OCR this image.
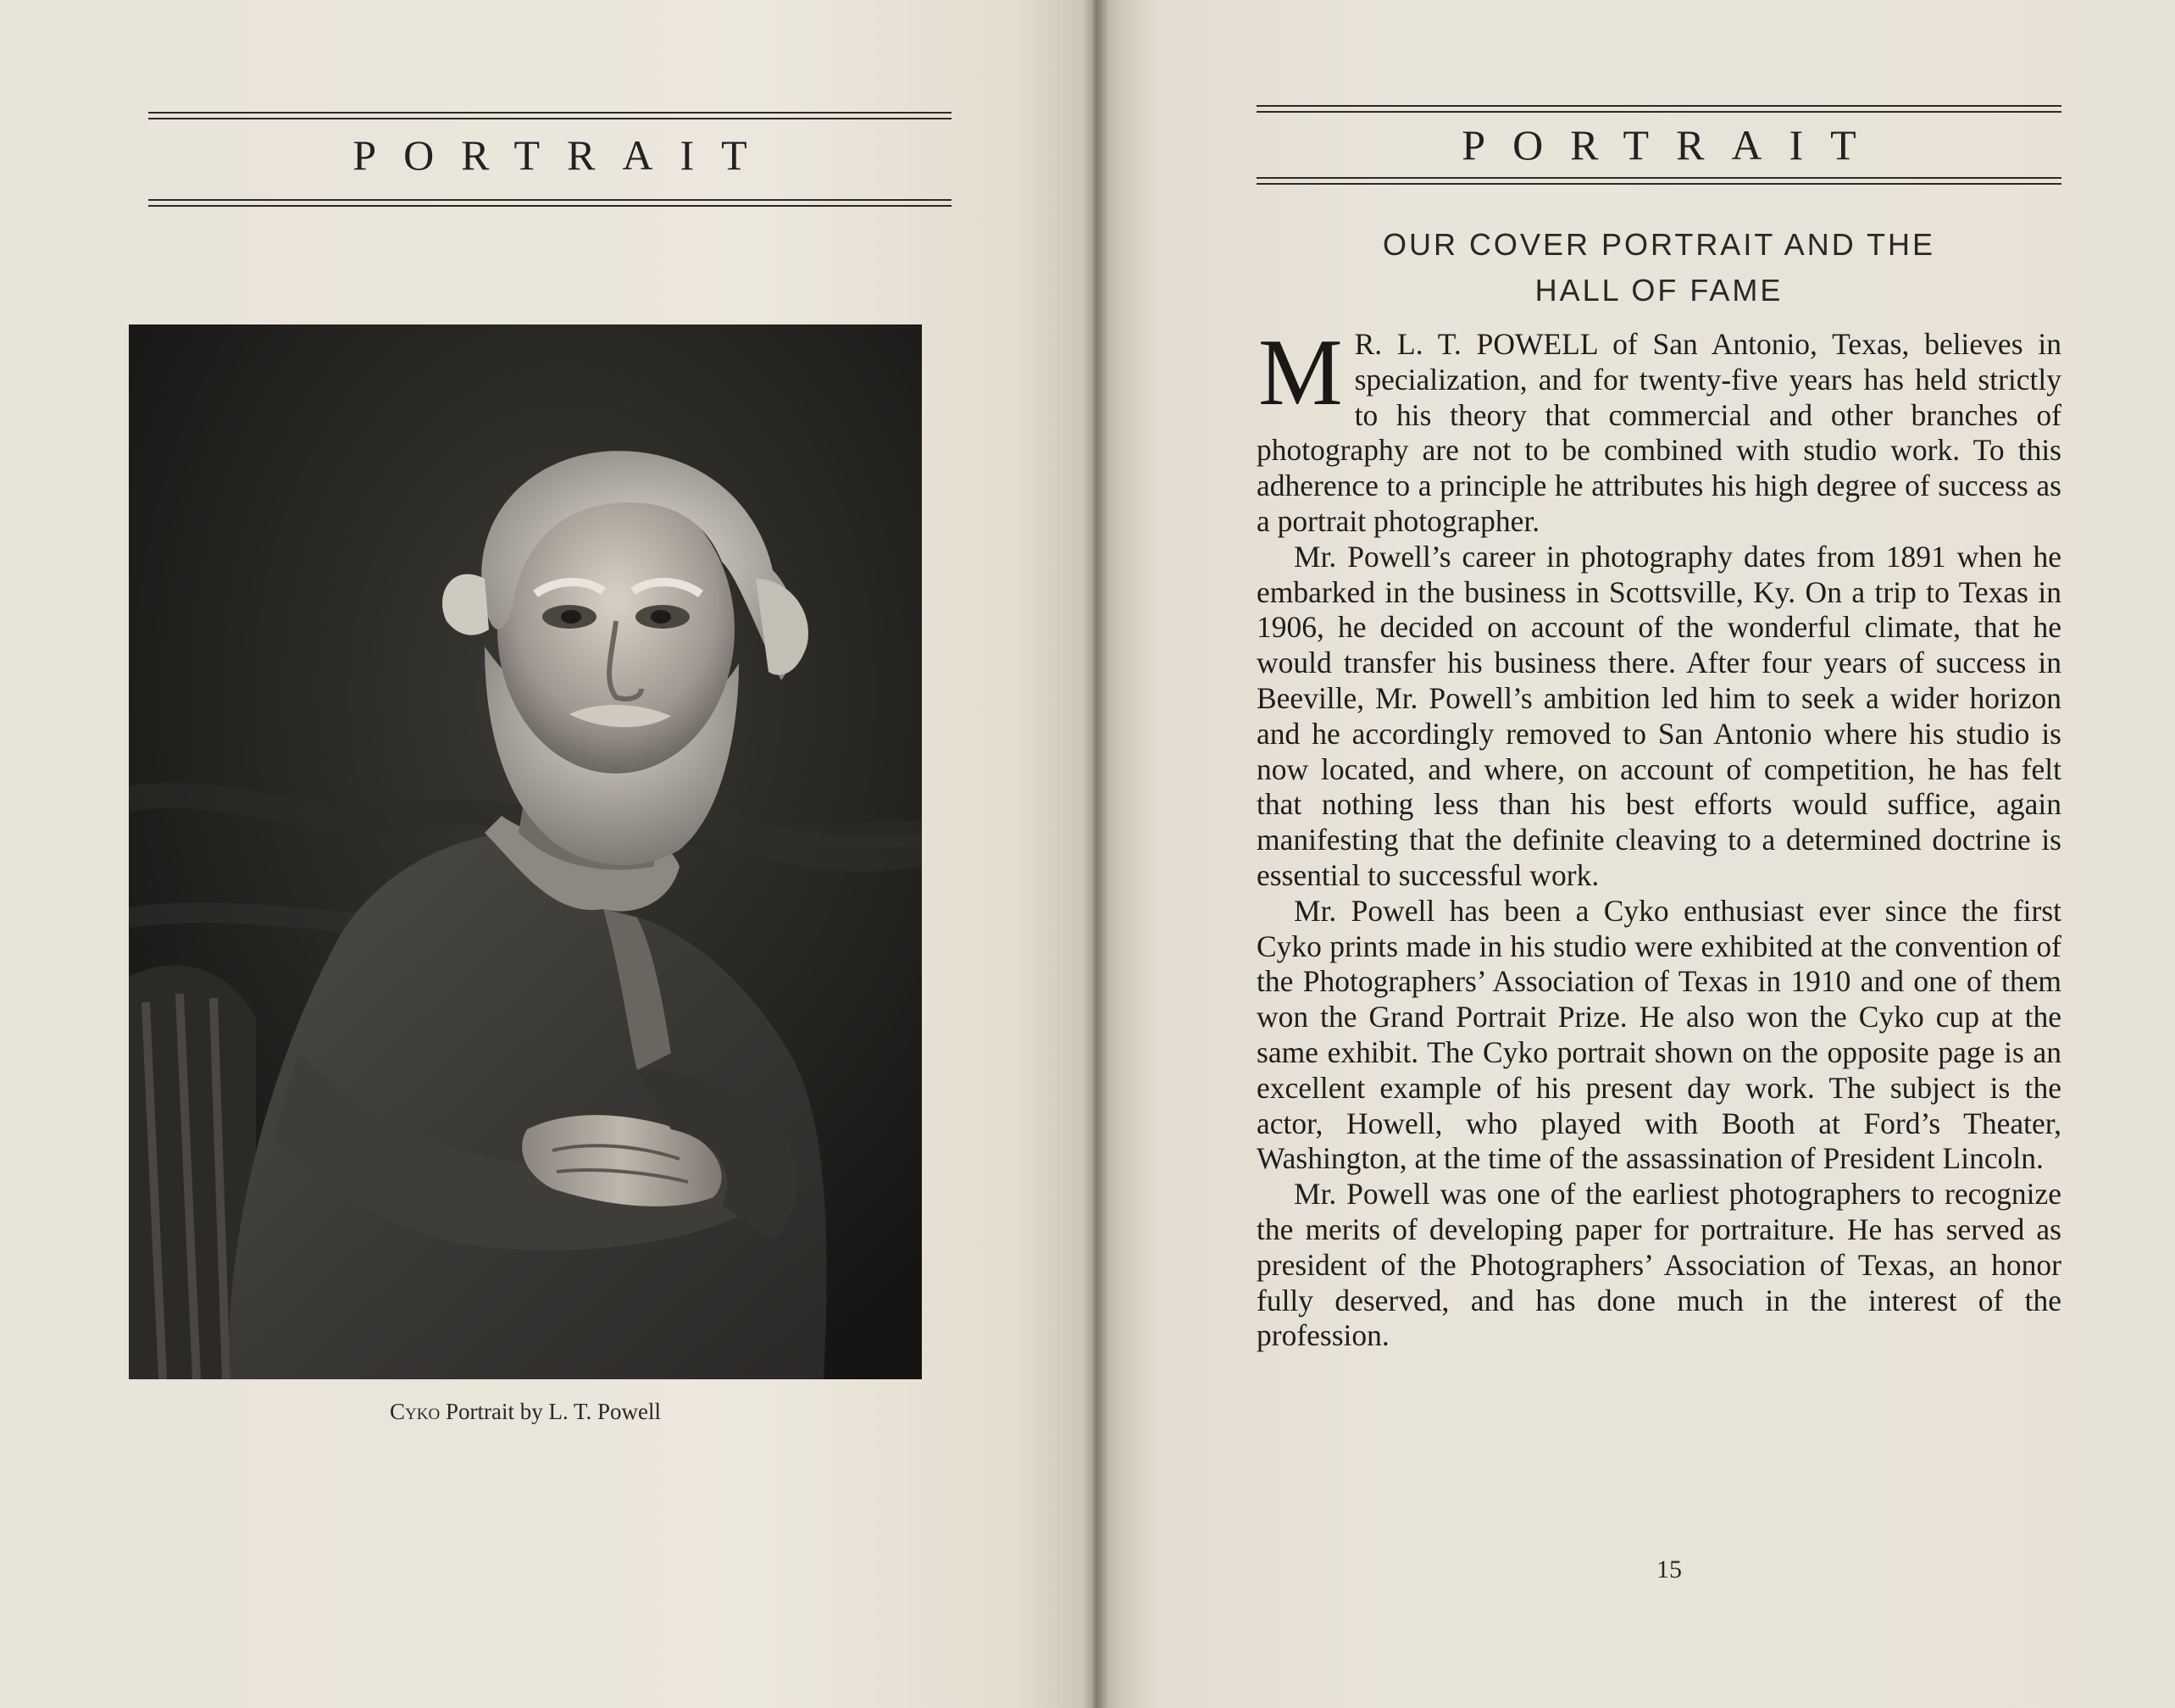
PORTRAIT
Cyko Portrait by L. T. Powell
PORTRAIT
OUR COVER PORTRAIT AND THE
HALL OF FAME

M R. L. T. POWELL of San Antonio, Texas, believes in specialization, and for twenty-five years has held strictly to his theory that commercial and other branches of photography are not to be combined with studio work. To this adherence to a principle he attributes his high degree of success as a portrait photographer.

Mr. Powell’s career in photography dates from 1891 when he embarked in the business in Scottsville, Ky. On a trip to Texas in 1906, he decided on account of the wonderful climate, that he would transfer his business there. After four years of success in Beeville, Mr. Powell’s ambition led him to seek a wider horizon and he accordingly removed to San Antonio where his studio is now located, and where, on account of competition, he has felt that nothing less than his best efforts would suffice, again manifesting that the definite cleaving to a determined doctrine is essential to successful work.

Mr. Powell has been a Cyko enthusiast ever since the first Cyko prints made in his studio were exhibited at the convention of the Photographers’ Association of Texas in 1910 and one of them won the Grand Portrait Prize. He also won the Cyko cup at the same exhibit. The Cyko portrait shown on the opposite page is an excellent example of his present day work. The subject is the actor, Howell, who played with Booth at Ford’s Theater, Washington, at the time of the assassination of President Lincoln.

Mr. Powell was one of the earliest photographers to recognize the merits of developing paper for portraiture. He has served as president of the Photographers’ Association of Texas, an honor fully deserved, and has done much in the interest of the profession.

15
